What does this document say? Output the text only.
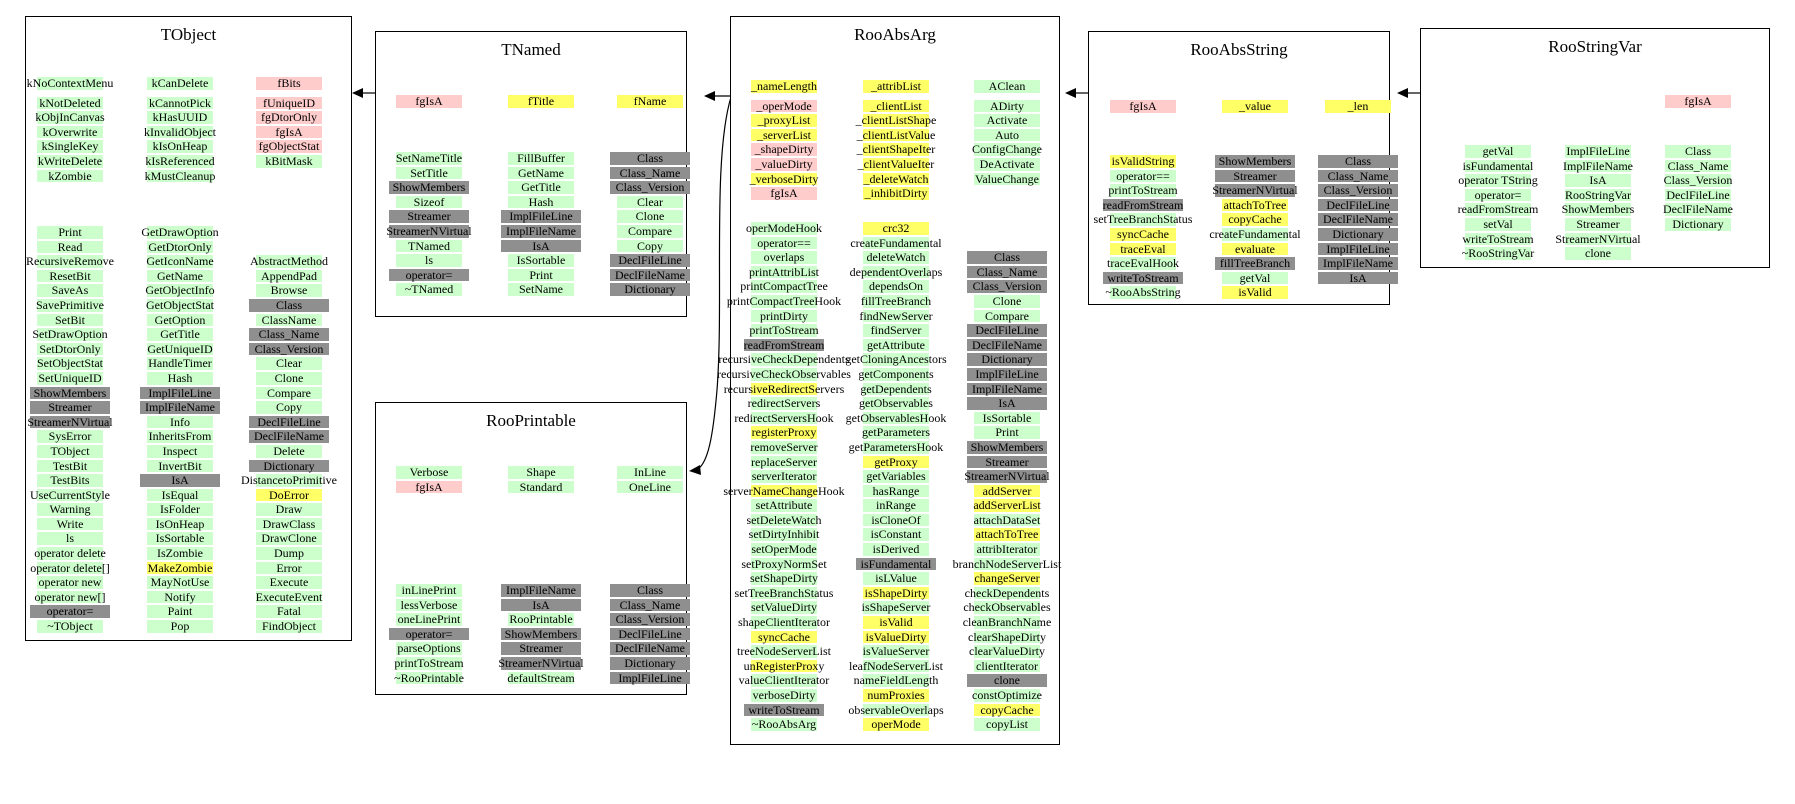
TObject
kNoContextMenu
kNotDeleted
kObjInCanvas
kOverwrite
kSingleKey
kWriteDelete
kZombie
kCanDelete
kCannotPick
kHasUUID
kInvalidObject
kIsOnHeap
kIsReferenced
kMustCleanup
fBits
fUniqueID
fgDtorOnly
fgIsA
fgObjectStat
kBitMask
Print
Read
RecursiveRemove
ResetBit
SaveAs
SavePrimitive
SetBit
SetDrawOption
SetDtorOnly
SetObjectStat
SetUniqueID
ShowMembers
Streamer
StreamerNVirtual
SysError
TObject
TestBit
TestBits
UseCurrentStyle
Warning
Write
ls
operator delete
operator delete[]
operator new
operator new[]
operator=
~TObject
GetDrawOption
GetDtorOnly
GetIconName
GetName
GetObjectInfo
GetObjectStat
GetOption
GetTitle
GetUniqueID
HandleTimer
Hash
ImplFileLine
ImplFileName
Info
InheritsFrom
Inspect
InvertBit
IsA
IsEqual
IsFolder
IsOnHeap
IsSortable
IsZombie
MakeZombie
MayNotUse
Notify
Paint
Pop
AbstractMethod
AppendPad
Browse
Class
ClassName
Class_Name
Class_Version
Clear
Clone
Compare
Copy
DeclFileLine
DeclFileName
Delete
Dictionary
DistancetoPrimitive
DoError
Draw
DrawClass
DrawClone
Dump
Error
Execute
ExecuteEvent
Fatal
FindObject
TNamed
fgIsA	fTitle	fName
SetNameTitle
SetTitle
ShowMembers
Sizeof
Streamer
StreamerNVirtual
TNamed
ls
operator=
~TNamed
FillBuffer
GetName
GetTitle
Hash
ImplFileLine
ImplFileName
IsA
IsSortable
Print
SetName
Class
Class_Name
Class_Version
Clear
Clone
Compare
Copy
DeclFileLine
DeclFileName
Dictionary
RooPrintable
Verbose
fgIsA
Shape
Standard
InLine
OneLine
inLinePrint
lessVerbose
oneLinePrint
operator=
parseOptions
printToStream
~RooPrintable
ImplFileName
IsA
RooPrintable
ShowMembers
Streamer
StreamerNVirtual
defaultStream
Class
Class_Name
Class_Version
DeclFileLine
DeclFileName
Dictionary
ImplFileLine
RooAbsArg
_nameLength
_operMode
_proxyList
_serverList
_shapeDirty
_valueDirty
_verboseDirty
fgIsA
_attribList
_clientList
_clientListShape
_clientListValue
_clientShapeIter
_clientValueIter
_deleteWatch
_inhibitDirty
AClean
ADirty
Activate
Auto
ConfigChange
DeActivate
ValueChange
operModeHook
operator==
overlaps
printAttribList
printCompactTree
printCompactTreeHook
printDirty
printToStream
readFromStream
recursiveCheckDependents
recursiveCheckObservables
recursiveRedirectServers
redirectServers
redirectServersHook
registerProxy
removeServer
replaceServer
serverIterator
serverNameChangeHook
setAttribute
setDeleteWatch
setDirtyInhibit
setOperMode
setProxyNormSet
setShapeDirty
setTreeBranchStatus
setValueDirty
shapeClientIterator
syncCache
treeNodeServerList
unRegisterProxy
valueClientIterator
verboseDirty
writeToStream
~RooAbsArg
crc32
createFundamental
deleteWatch
dependentOverlaps
dependsOn
fillTreeBranch
findNewServer
findServer
getAttribute
getCloningAncestors
getComponents
getDependents
getObservables
getObservablesHook
getParameters
getParametersHook
getProxy
getVariables
hasRange
inRange
isCloneOf
isConstant
isDerived
isFundamental
isLValue
isShapeDirty
isShapeServer
isValid
isValueDirty
isValueServer
leafNodeServerList
nameFieldLength
numProxies
observableOverlaps
operMode
Class
Class_Name
Class_Version
Clone
Compare
DeclFileLine
DeclFileName
Dictionary
ImplFileLine
ImplFileName
IsA
IsSortable
Print
ShowMembers
Streamer
StreamerNVirtual
addServer
addServerList
attachDataSet
attachToTree
attribIterator
branchNodeServerList
changeServer
checkDependents
checkObservables
cleanBranchName
clearShapeDirty
clearValueDirty
clientIterator
clone
constOptimize
copyCache
copyList
RooAbsString
fgIsA	_value	_len
isValidString
operator==
printToStream
readFromStream
setTreeBranchStatus
syncCache
traceEval
traceEvalHook
writeToStream
~RooAbsString
ShowMembers
Streamer
StreamerNVirtual
attachToTree
copyCache
createFundamental
evaluate
fillTreeBranch
getVal
isValid
Class
Class_Name
Class_Version
DeclFileLine
DeclFileName
Dictionary
ImplFileLine
ImplFileName
IsA
RooStringVar
fgIsA
getVal
isFundamental
operator TString
operator=
readFromStream
setVal
writeToStream
~RooStringVar
ImplFileLine
ImplFileName
IsA
RooStringVar
ShowMembers
Streamer
StreamerNVirtual
clone
Class
Class_Name
Class_Version
DeclFileLine
DeclFileName
Dictionary
